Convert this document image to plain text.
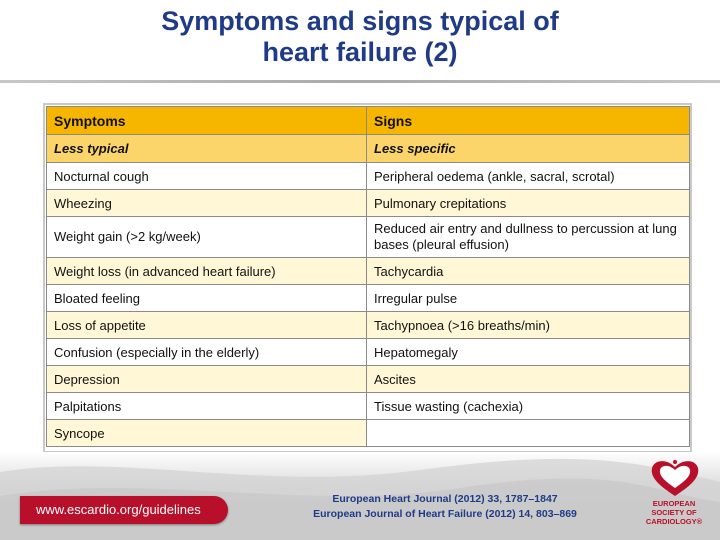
Symptoms and signs typical of
heart failure (2)
Symptoms	Signs
Less typical	Less specific
Nocturnal cough	Peripheral oedema (ankle, sacral, scrotal)
Wheezing	Pulmonary crepitations
Weight gain (>2 kg/week)	Reduced air entry and dullness to percussion at lung bases (pleural effusion)
Weight loss (in advanced heart failure)	Tachycardia
Bloated feeling	Irregular pulse
Loss of appetite	Tachypnoea (>16 breaths/min)
Confusion (especially in the elderly)	Hepatomegaly
Depression	Ascites
Palpitations	Tissue wasting (cachexia)
Syncope	
www.escardio.org/guidelines
European Heart Journal (2012) 33, 1787–1847
European Journal of Heart Failure (2012) 14, 803–869
EUROPEAN
SOCIETY OF
CARDIOLOGY®
